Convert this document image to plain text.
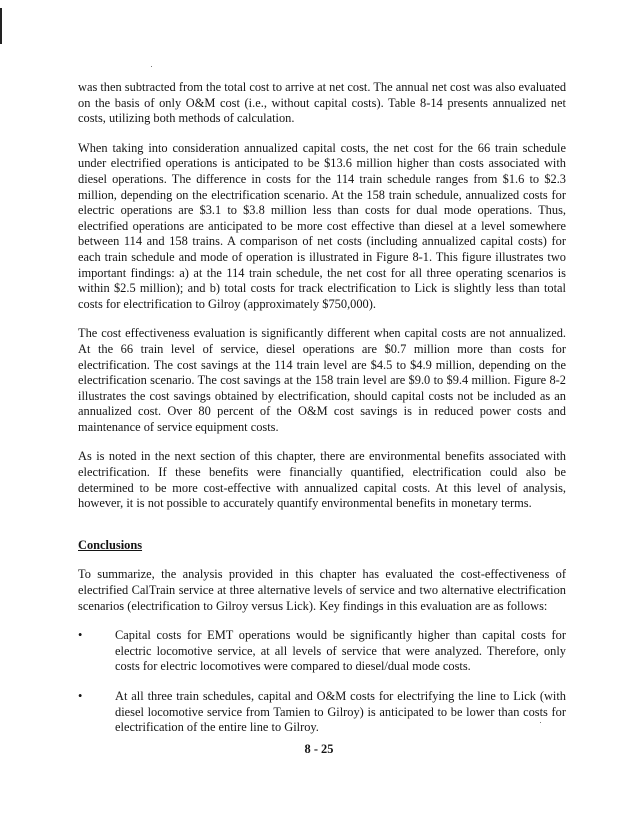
was then subtracted from the total cost to arrive at net cost. The annual net cost was also evaluated on the basis of only O&M cost (i.e., without capital costs). Table 8-14 presents annualized net costs, utilizing both methods of calculation.

When taking into consideration annualized capital costs, the net cost for the 66 train schedule under electrified operations is anticipated to be $13.6 million higher than costs associated with diesel operations. The difference in costs for the 114 train schedule ranges from $1.6 to $2.3 million, depending on the electrification scenario. At the 158 train schedule, annualized costs for electric operations are $3.1 to $3.8 million less than costs for dual mode operations. Thus, electrified operations are anticipated to be more cost effective than diesel at a level somewhere between 114 and 158 trains. A comparison of net costs (including annualized capital costs) for each train schedule and mode of operation is illustrated in Figure 8-1. This figure illustrates two important findings: a) at the 114 train schedule, the net cost for all three operating scenarios is within $2.5 million); and b) total costs for track electrification to Lick is slightly less than total costs for electrification to Gilroy (approximately $750,000).

The cost effectiveness evaluation is significantly different when capital costs are not annualized. At the 66 train level of service, diesel operations are $0.7 million more than costs for electrification. The cost savings at the 114 train level are $4.5 to $4.9 million, depending on the electrification scenario. The cost savings at the 158 train level are $9.0 to $9.4 million. Figure 8-2 illustrates the cost savings obtained by electrification, should capital costs not be included as an annualized cost. Over 80 percent of the O&M cost savings is in reduced power costs and maintenance of service equipment costs.

As is noted in the next section of this chapter, there are environmental benefits associated with electrification. If these benefits were financially quantified, electrification could also be determined to be more cost-effective with annualized capital costs. At this level of analysis, however, it is not possible to accurately quantify environmental benefits in monetary terms.

Conclusions

To summarize, the analysis provided in this chapter has evaluated the cost-effectiveness of electrified CalTrain service at three alternative levels of service and two alternative electrification scenarios (electrification to Gilroy versus Lick). Key findings in this evaluation are as follows:

•	Capital costs for EMT operations would be significantly higher than capital costs for electric locomotive service, at all levels of service that were analyzed. Therefore, only costs for electric locomotives were compared to diesel/dual mode costs.

•	At all three train schedules, capital and O&M costs for electrifying the line to Lick (with diesel locomotive service from Tamien to Gilroy) is anticipated to be lower than costs for electrification of the entire line to Gilroy.

8 - 25
